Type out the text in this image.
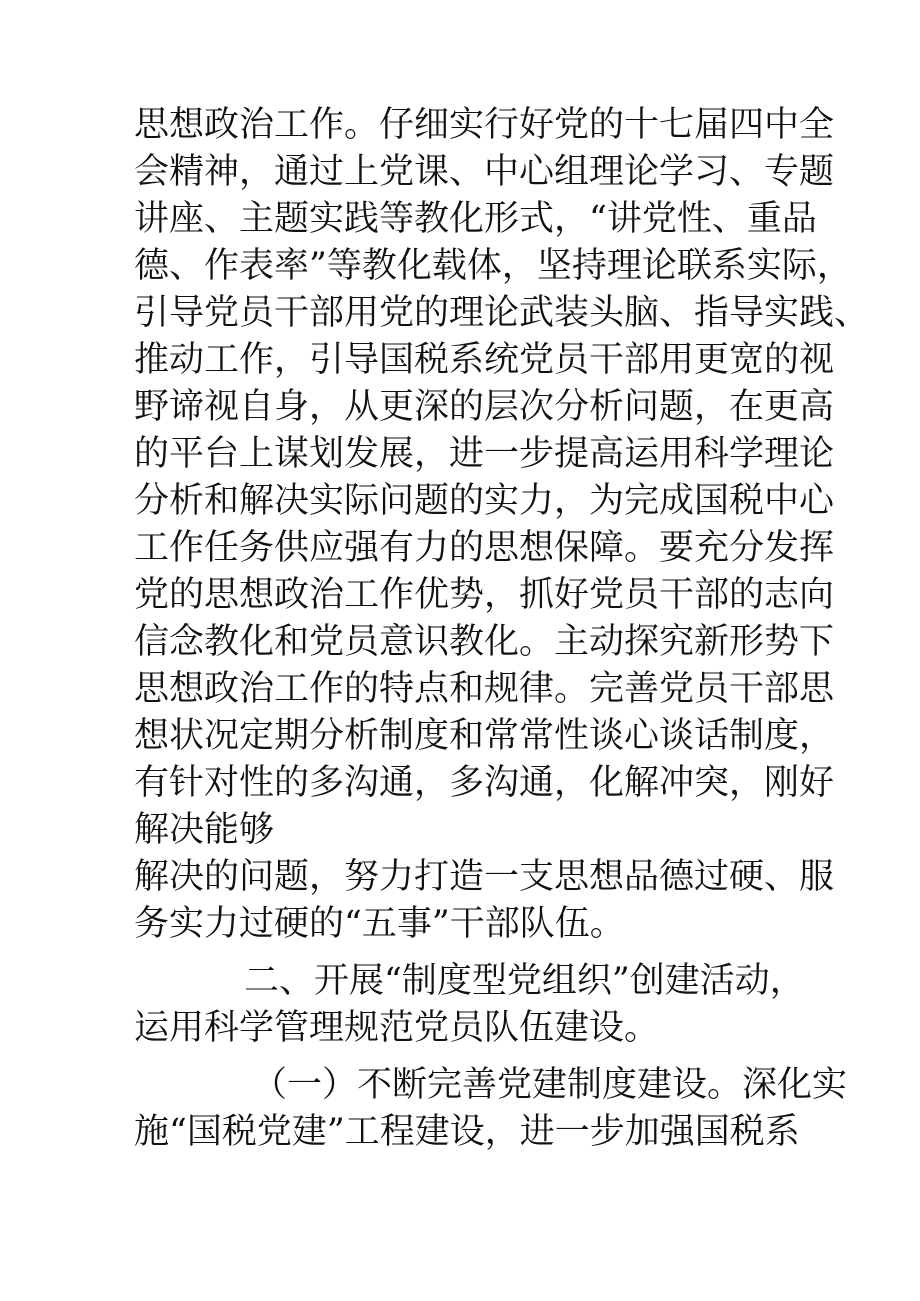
思想政治工作。仔细实行好党的十七届四中全
会精神，通过上党课、中心组理论学习、专题
讲座、主题实践等教化形式，“讲党性、重品
德、作表率”等教化载体，坚持理论联系实际，
引导党员干部用党的理论武装头脑、指导实践、
推动工作，引导国税系统党员干部用更宽的视
野谛视自身，从更深的层次分析问题，在更高
的平台上谋划发展，进一步提高运用科学理论
分析和解决实际问题的实力，为完成国税中心
工作任务供应强有力的思想保障。要充分发挥
党的思想政治工作优势，抓好党员干部的志向
信念教化和党员意识教化。主动探究新形势下
思想政治工作的特点和规律。完善党员干部思
想状况定期分析制度和常常性谈心谈话制度，
有针对性的多沟通，多沟通，化解冲突，刚好
解决能够
解决的问题，努力打造一支思想品德过硬、服
务实力过硬的“五事”干部队伍。
二、开展“制度型党组织”创建活动，
运用科学管理规范党员队伍建设。
（一）不断完善党建制度建设。深化实
施“国税党建”工程建设，进一步加强国税系
